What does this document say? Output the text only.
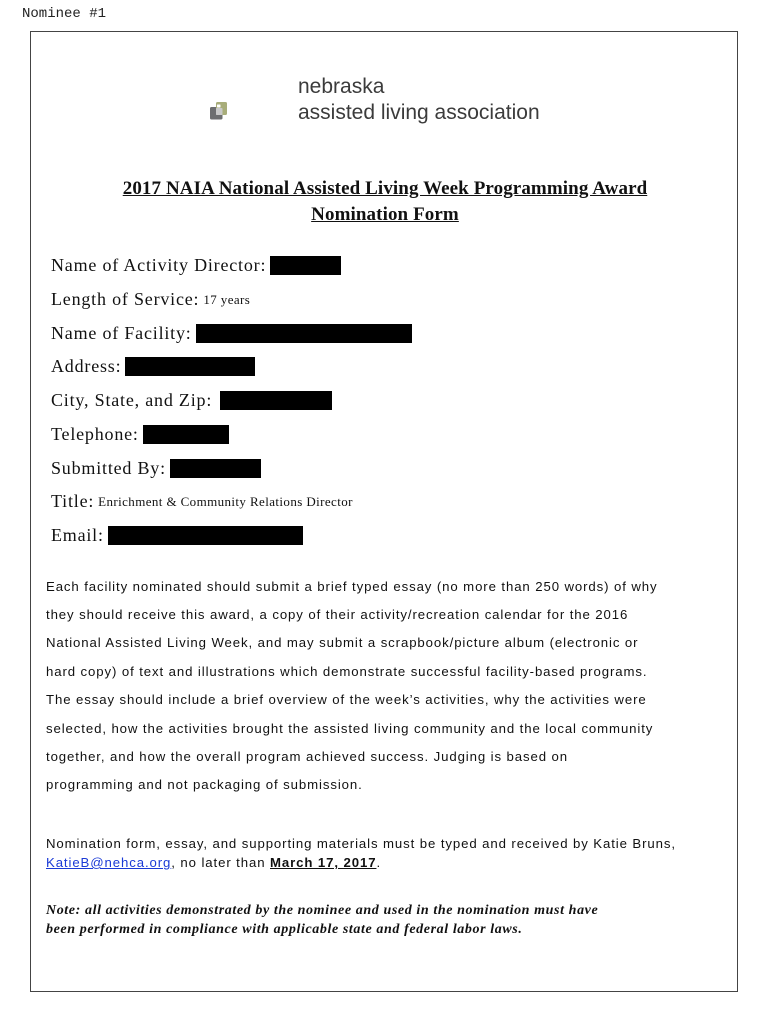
Nominee #1
nebraska
assisted living association
2017 NAIA National Assisted Living Week Programming Award
Nomination Form
Name of Activity Director:
Length of Service: 17 years
Name of Facility:
Address:
City, State, and Zip:
Telephone:
Submitted By:
Title: Enrichment & Community Relations Director
Email:
Each facility nominated should submit a brief typed essay (no more than 250 words) of why
they should receive this award, a copy of their activity/recreation calendar for the 2016
National Assisted Living Week, and may submit a scrapbook/picture album (electronic or
hard copy) of text and illustrations which demonstrate successful facility-based programs.
The essay should include a brief overview of the week’s activities, why the activities were
selected, how the activities brought the assisted living community and the local community
together, and how the overall program achieved success. Judging is based on
programming and not packaging of submission.
Nomination form, essay, and supporting materials must be typed and received by Katie Bruns,
KatieB@nehca.org, no later than March 17, 2017.
Note: all activities demonstrated by the nominee and used in the nomination must have
been performed in compliance with applicable state and federal labor laws.
